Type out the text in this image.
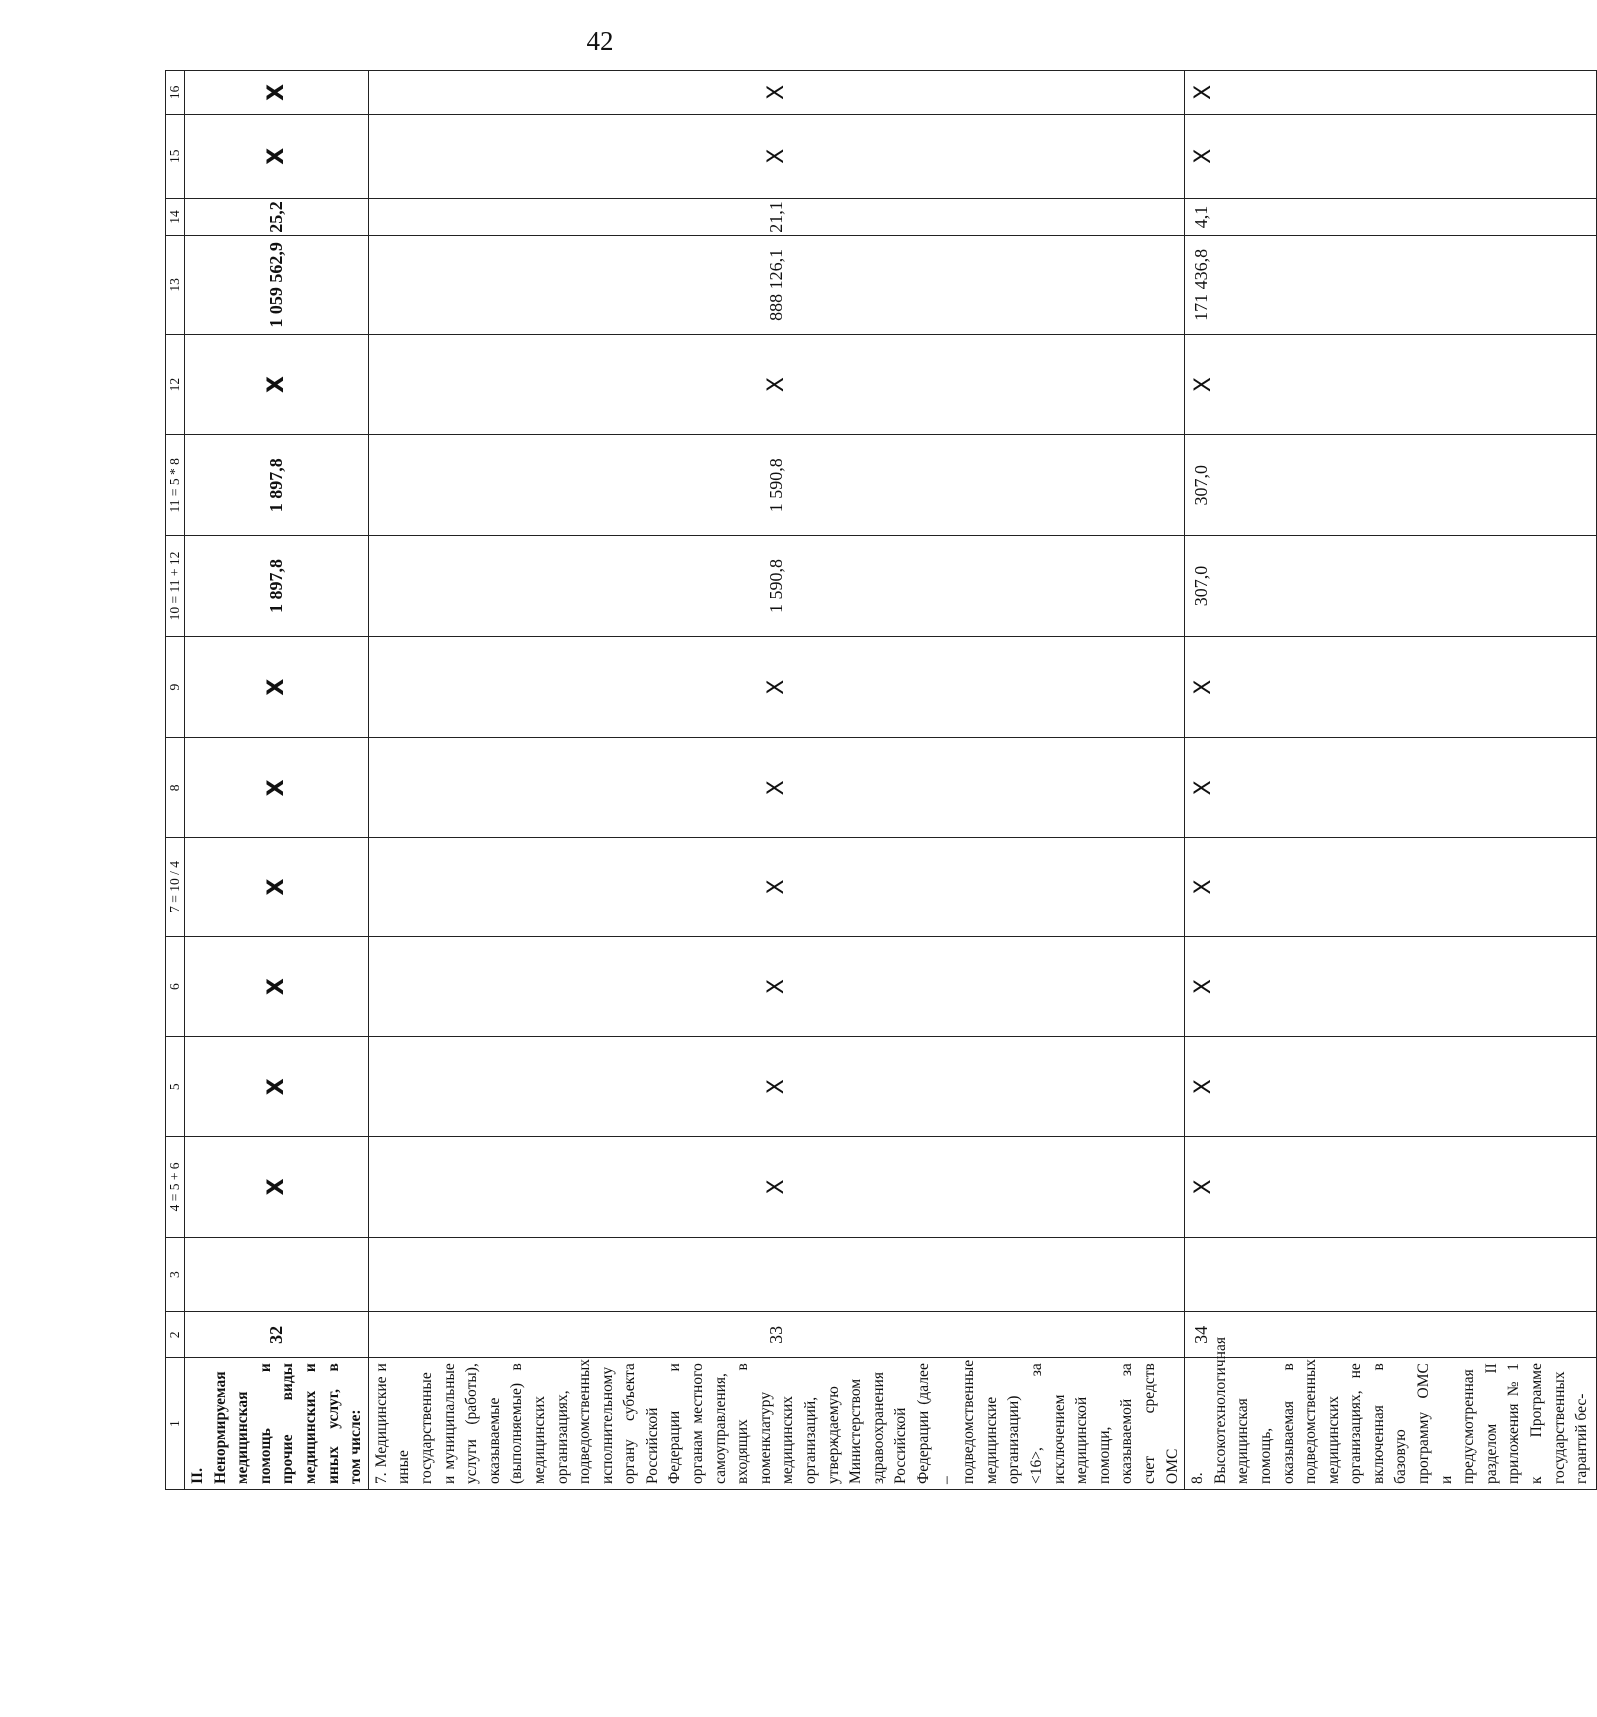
42
1	2	3	4 = 5 + 6	5	6	7 = 10 / 4	8	9	10 = 11 + 12	11 = 5 * 8	12	13	14	15	16
II. Ненормируемая медицинская помощь и прочие виды медицинских и иных услуг, в том числе:	32		X	X	X	X	X	X	1 897,8	1 897,8	X	1 059 562,9	25,2	X	X
7. Медицинские и иные государственные и муниципальные услуги (работы), оказываемые (выполняемые) в медицинских организациях, подведомственных исполнительному органу субъекта Российской Федерации и органам местного самоуправления, входящих в номенклатуру медицинских организаций, утверждаемую Министерством здравоохранения Российской Федерации (далее – подведомственные медицинские организации) <16>, за исключением медицинской помощи, оказываемой за счет средств ОМС	33		X	X	X	X	X	X	1 590,8	1 590,8	X	888 126,1	21,1	X	X
8. Высокотехнологичная медицинская помощь, оказываемая в подведомственных медицинских организациях, не включенная в базовую программу ОМС и предусмотренная разделом II приложения № 1 к Программе государственных гарантий бес-	34		X	X	X	X	X	X	307,0	307,0	X	171 436,8	4,1	X	X
